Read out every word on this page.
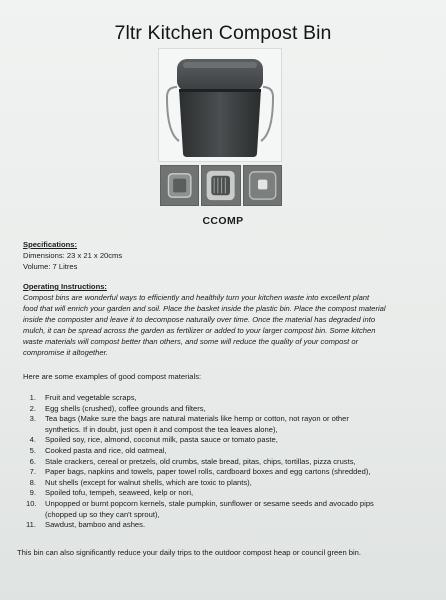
7ltr Kitchen Compost Bin
CCOMP
Specifications:
Dimensions: 23 x 21 x 20cms
Volume: 7 Litres
Operating Instructions:
Compost bins are wonderful ways to efficiently and healthily turn your kitchen waste into excellent plant
food that will enrich your garden and soil. Place the basket inside the plastic bin. Place the compost material
inside the composter and leave it to decompose naturally over time. Once the material has degraded into
mulch, it can be spread across the garden as fertilizer or added to your larger compost bin. Some kitchen
waste materials will compost better than others, and some will reduce the quality of your compost or
compromise it altogether.
Here are some examples of good compost materials:
1. Fruit and vegetable scraps,
2. Egg shells (crushed), coffee grounds and filters,
3. Tea bags (Make sure the bags are natural materials like hemp or cotton, not rayon or other
synthetics. If in doubt, just open it and compost the tea leaves alone),
4. Spoiled soy, rice, almond, coconut milk, pasta sauce or tomato paste,
5. Cooked pasta and rice, old oatmeal,
6. Stale crackers, cereal or pretzels, old crumbs, stale bread, pitas, chips, tortillas, pizza crusts,
7. Paper bags, napkins and towels, paper towel rolls, cardboard boxes and egg cartons (shredded),
8. Nut shells (except for walnut shells, which are toxic to plants),
9. Spoiled tofu, tempeh, seaweed, kelp or nori,
10. Unpopped or burnt popcorn kernels, stale pumpkin, sunflower or sesame seeds and avocado pips
(chopped up so they can't sprout),
11. Sawdust, bamboo and ashes.
This bin can also significantly reduce your daily trips to the outdoor compost heap or council green bin.
